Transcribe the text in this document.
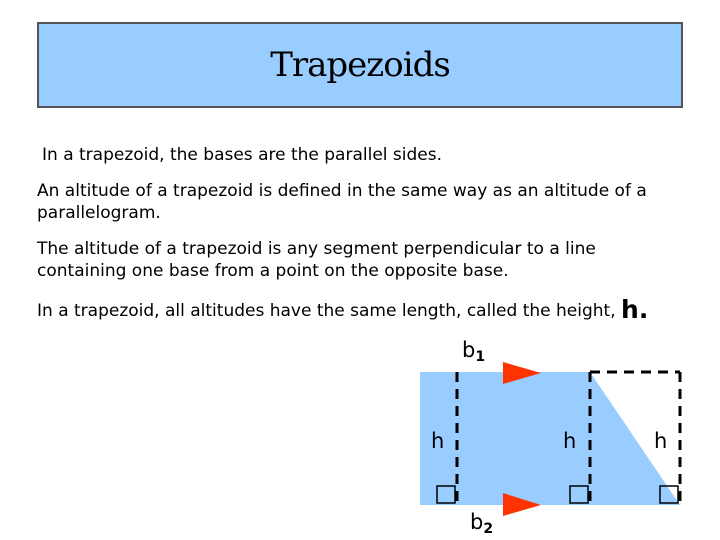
Trapezoids

In a trapezoid, the bases are the parallel sides.

An altitude of a trapezoid is defined in the same way as an altitude of a parallelogram.

The altitude of a trapezoid is any segment perpendicular to a line containing one base from a point on the opposite base.

In a trapezoid, all altitudes have the same length, called the height, h.

$b_1$
$b_2$
h	h	h
